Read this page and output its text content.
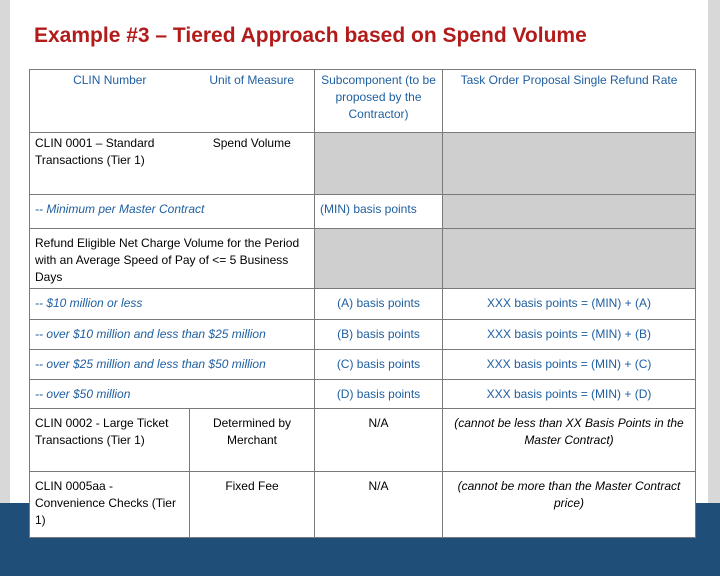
Example #3 – Tiered Approach based on Spend Volume
CLIN Number	Unit of Measure	Subcomponent (to be proposed by the Contractor)	Task Order Proposal Single Refund Rate
CLIN 0001 – Standard Transactions (Tier 1)	Spend Volume		
-- Minimum per Master Contract		(MIN) basis points	
Refund Eligible Net Charge Volume for the Period with an Average Speed of Pay of <= 5 Business Days			
-- $10 million or less		(A) basis points	XXX basis points = (MIN) + (A)
-- over $10 million and less than $25 million		(B) basis points	XXX basis points = (MIN) + (B)
-- over $25 million and less than $50 million		(C) basis points	XXX basis points = (MIN) + (C)
-- over $50 million		(D) basis points	XXX basis points = (MIN) + (D)
CLIN 0002 - Large Ticket Transactions (Tier 1)	Determined by Merchant	N/A	(cannot be less than XX Basis Points in the Master Contract)
CLIN 0005aa - Convenience Checks (Tier 1)	Fixed Fee	N/A	(cannot be more than the Master Contract price)
